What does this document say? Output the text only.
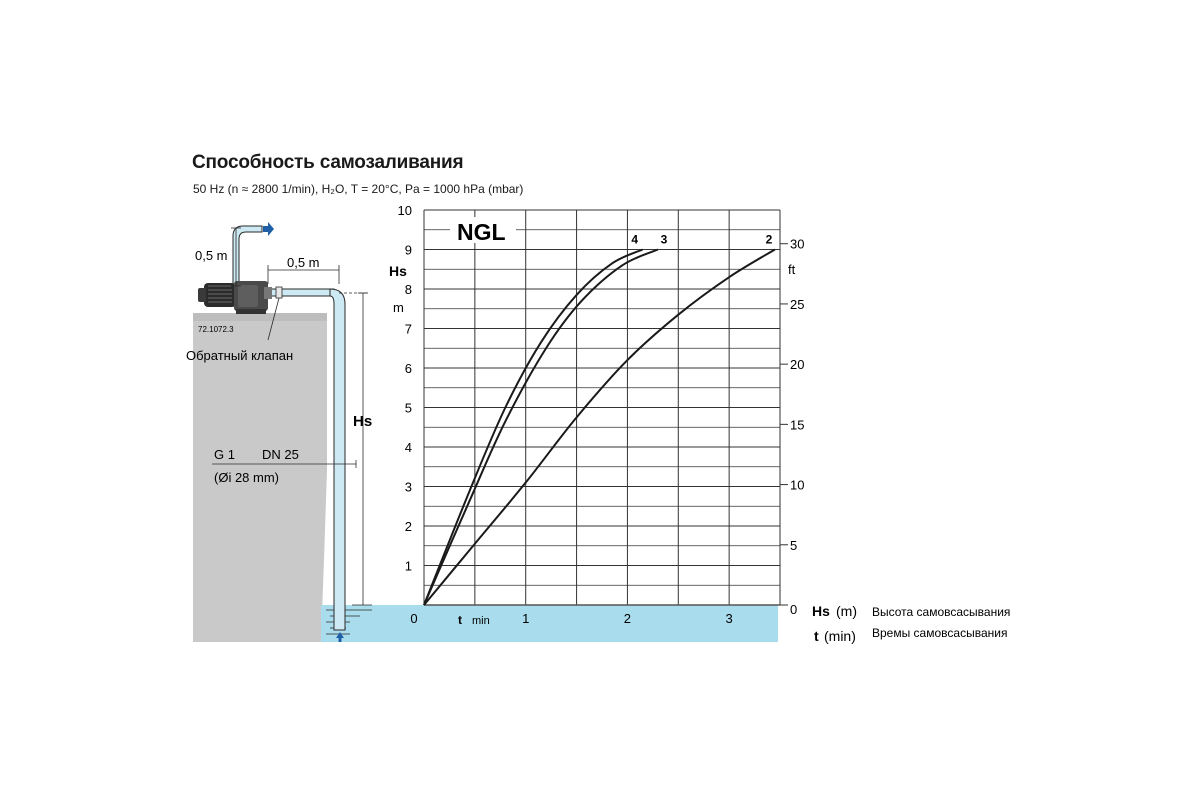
Способность самозаливания
50 Hz (n ≈ 2800 1/min), H₂O, T = 20°C, Pa = 1000 hPa (mbar)
0,5 m	0,5 m
72.1072.3
Обратный клапан
G 1 DN 25
(Øi 28 mm)
Hs
1
2
3
4
5
6
7
8
9
10
0
5
10
15
20
25
30
0	1	2	3
4 3	2
NGL
Hs
m
ft
t min
Hs (m) Высота самовсасывания
t (min) Времы самовсасывания
